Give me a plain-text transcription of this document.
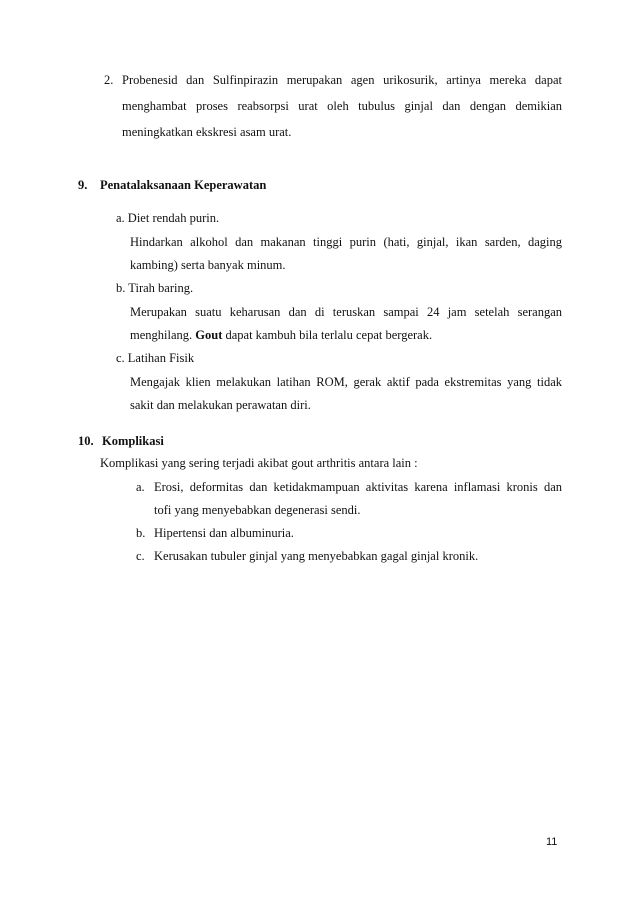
2. Probenesid dan Sulfinpirazin merupakan agen urikosurik, artinya mereka dapat
menghambat proses reabsorpsi urat oleh tubulus ginjal dan dengan demikian
meningkatkan ekskresi asam urat.
9. Penatalaksanaan Keperawatan
a. Diet rendah purin.
Hindarkan alkohol dan makanan tinggi purin (hati, ginjal, ikan sarden, daging
kambing) serta banyak minum.
b. Tirah baring.
Merupakan suatu keharusan dan di teruskan sampai 24 jam setelah serangan
menghilang. Gout dapat kambuh bila terlalu cepat bergerak.
c. Latihan Fisik
Mengajak klien melakukan latihan ROM, gerak aktif pada ekstremitas yang tidak
sakit dan melakukan perawatan diri.
10. Komplikasi
Komplikasi yang sering terjadi akibat gout arthritis antara lain :
a. Erosi, deformitas dan ketidakmampuan aktivitas karena inflamasi kronis dan
tofi yang menyebabkan degenerasi sendi.
b. Hipertensi dan albuminuria.
c. Kerusakan tubuler ginjal yang menyebabkan gagal ginjal kronik.
11
